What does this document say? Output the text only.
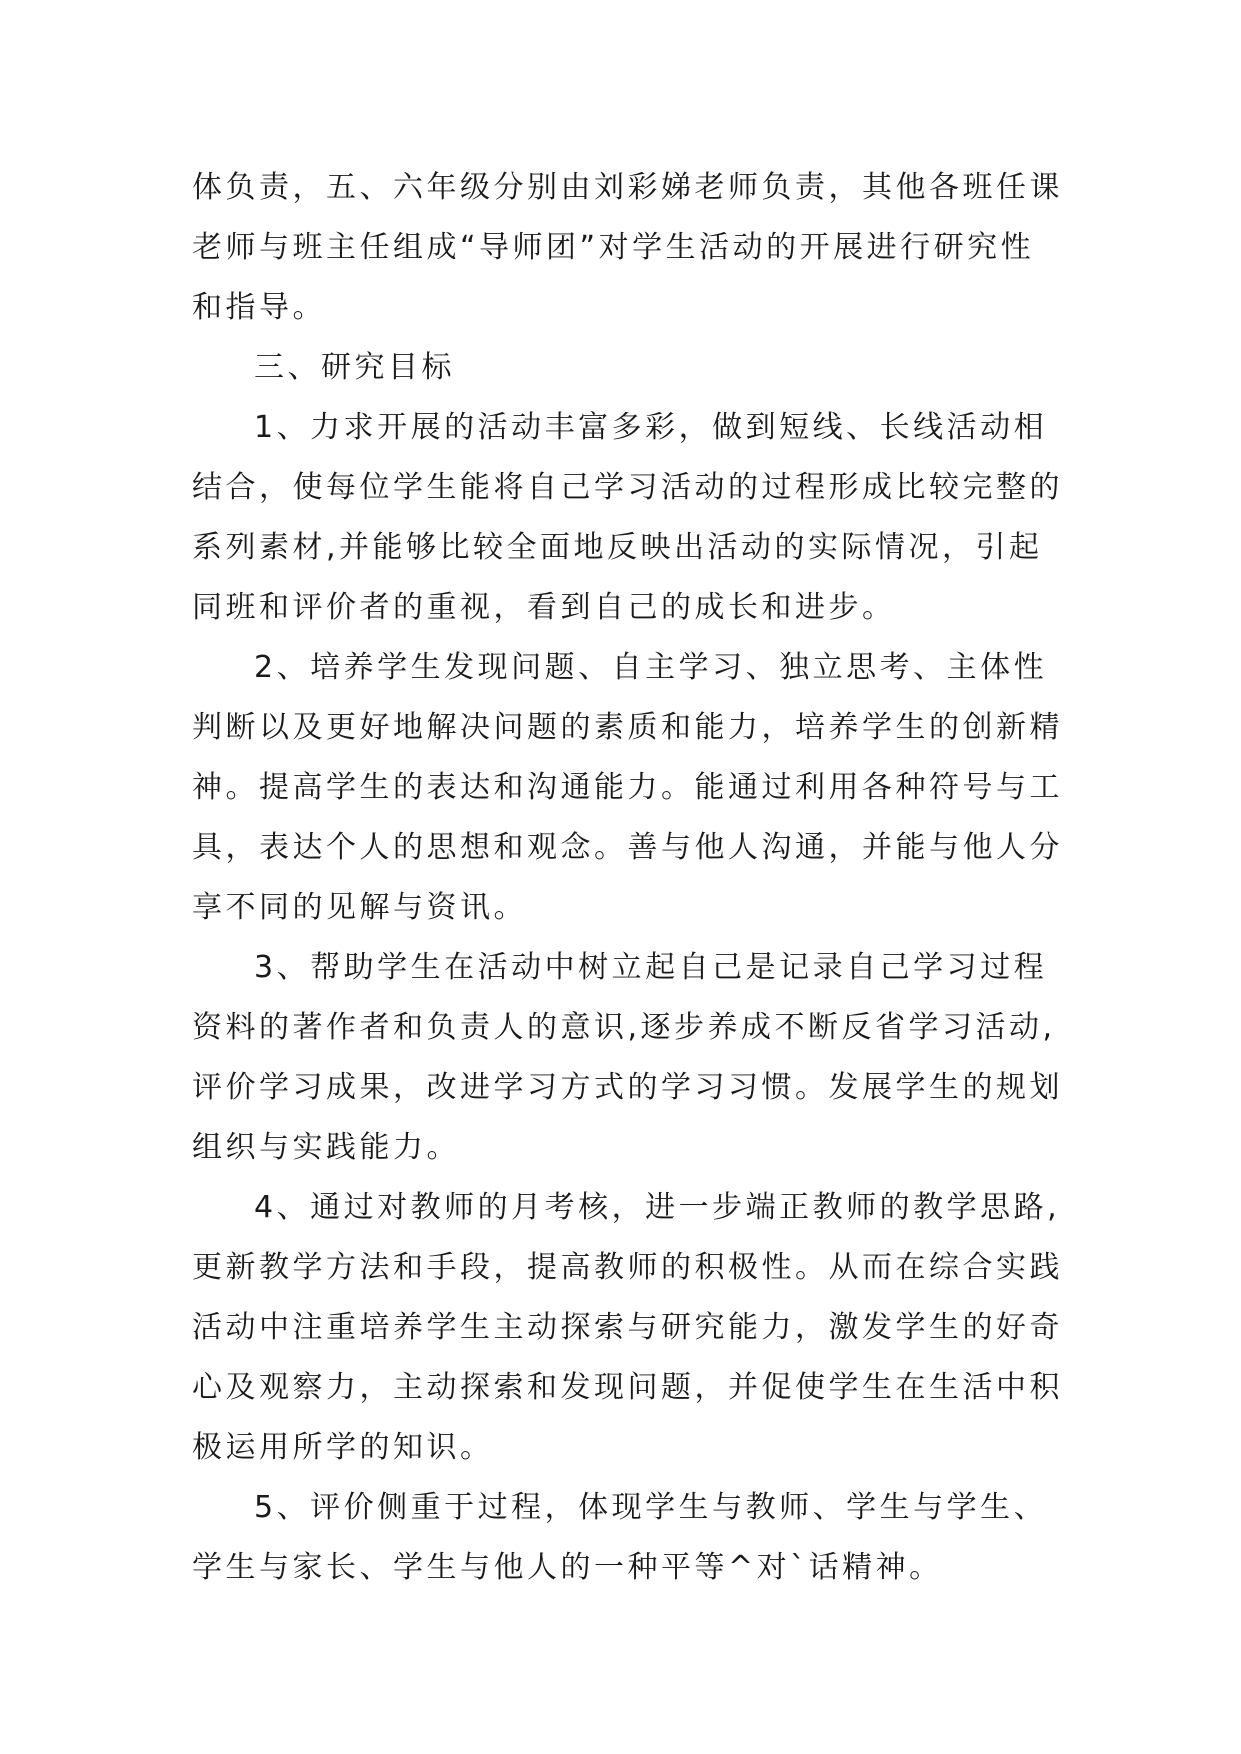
体负责，五、六年级分别由刘彩娣老师负责，其他各班任课
老师与班主任组成“导师团”对学生活动的开展进行研究性
和指导。
三、研究目标
1、力求开展的活动丰富多彩，做到短线、长线活动相
结合，使每位学生能将自己学习活动的过程形成比较完整的
系列素材,并能够比较全面地反映出活动的实际情况，引起
同班和评价者的重视，看到自己的成长和进步。
2、培养学生发现问题、自主学习、独立思考、主体性
判断以及更好地解决问题的素质和能力，培养学生的创新精
神。提高学生的表达和沟通能力。能通过利用各种符号与工
具，表达个人的思想和观念。善与他人沟通，并能与他人分
享不同的见解与资讯。
3、帮助学生在活动中树立起自己是记录自己学习过程
资料的著作者和负责人的意识,逐步养成不断反省学习活动,
评价学习成果，改进学习方式的学习习惯。发展学生的规划
组织与实践能力。
4、通过对教师的月考核，进一步端正教师的教学思路,
更新教学方法和手段，提高教师的积极性。从而在综合实践
活动中注重培养学生主动探索与研究能力，激发学生的好奇
心及观察力，主动探索和发现问题，并促使学生在生活中积
极运用所学的知识。
5、评价侧重于过程，体现学生与教师、学生与学生、
学生与家长、学生与他人的一种平等^对`话精神。
